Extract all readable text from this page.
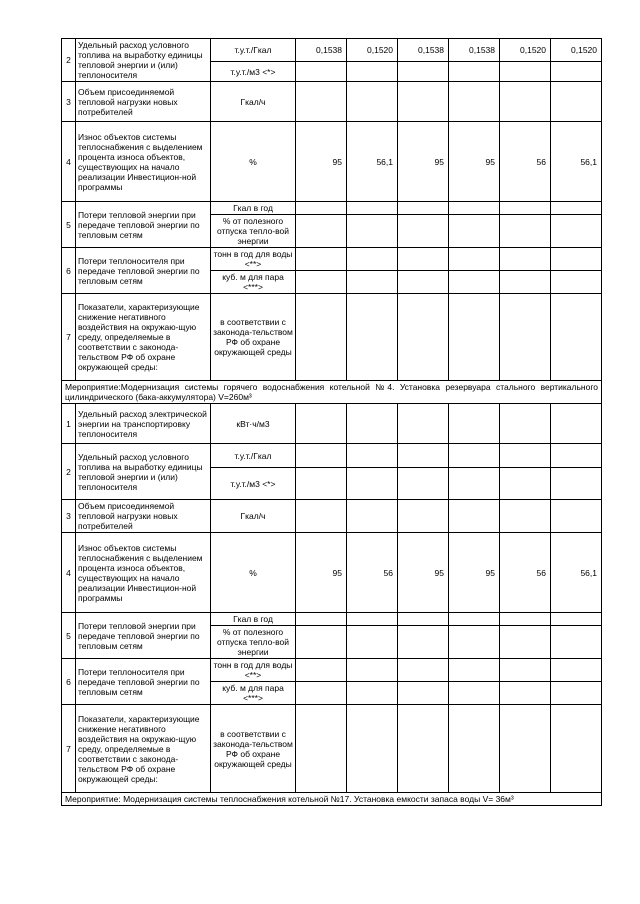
2	Удельный расход условного топлива на выработку единицы тепловой энергии и (или) теплоносителя	т.у.т./Гкал	0,1538	0,1520	0,1538	0,1538	0,1520	0,1520
		т.у.т./м3 <*>						
3	Объем присоединяемой тепловой нагрузки новых потребителей	Гкал/ч						
4	Износ объектов системы теплоснабжения с выделением процента износа объектов, существующих на начало реализации Инвестицион-ной программы	%	95	56,1	95	95	56	56,1
5	Потери тепловой энергии при передаче тепловой энергии по тепловым сетям	Гкал в год						
		% от полезного отпуска тепло-вой энергии						
6	Потери теплоносителя при передаче тепловой энергии по тепловым сетям	тонн в год для воды <**>						
		куб. м для пара <***>						
7	Показатели, характеризующие снижение негативного воздействия на окружаю-щую среду, определяемые в соответствии с законода-тельством РФ об охране окружающей среды:	в соответствии с законода-тельством РФ об охране окружающей среды						
Мероприятие:Модернизация системы горячего водоснабжения котельной №4. Установка резервуара стального вертикального цилиндрического (бака-аккумулятора) V=260м³								
1	Удельный расход электрической энергии на транспортировку теплоносителя	кВт·ч/м3						
2	Удельный расход условного топлива на выработку единицы тепловой энергии и (или) теплоносителя	т.у.т./Гкал						
		т.у.т./м3 <*>						
3	Объем присоединяемой тепловой нагрузки новых потребителей	Гкал/ч						
4	Износ объектов системы теплоснабжения с выделением процента износа объектов, существующих на начало реализации Инвестицион-ной программы	%	95	56	95	95	56	56,1
5	Потери тепловой энергии при передаче тепловой энергии по тепловым сетям	Гкал в год						
		% от полезного отпуска тепло-вой энергии						
6	Потери теплоносителя при передаче тепловой энергии по тепловым сетям	тонн в год для воды <**>						
		куб. м для пара <***>						
7	Показатели, характеризующие снижение негативного воздействия на окружаю-щую среду, определяемые в соответствии с законода-тельством РФ об охране окружающей среды:	в соответствии с законода-тельством РФ об охране окружающей среды						
Мероприятие: Модернизация системы теплоснабжения котельной №17. Установка емкости запаса воды V= 36м³								
